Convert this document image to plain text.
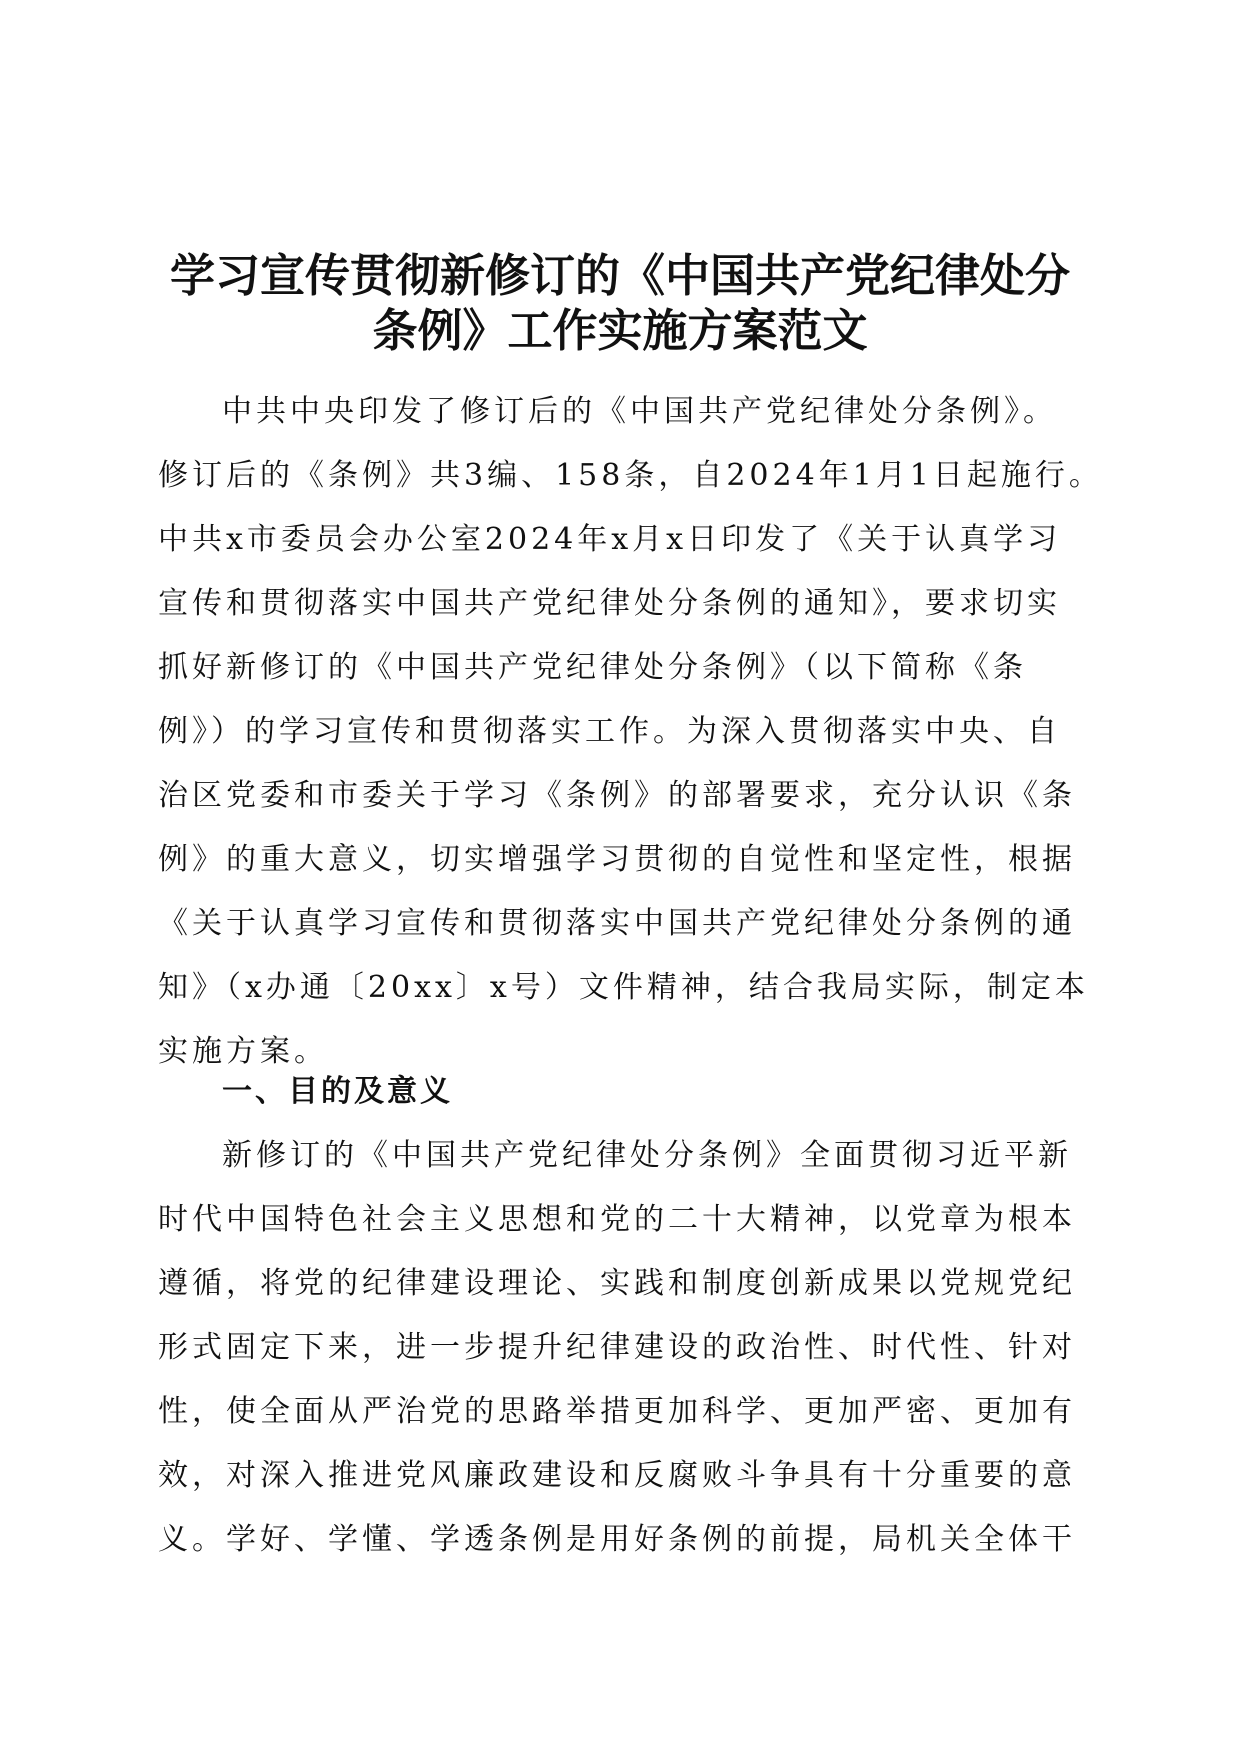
学习宣传贯彻新修订的《中国共产党纪律处分
条例》工作实施方案范文
中共中央印发了修订后的《中国共产党纪律处分条例》。
修订后的《条例》共3编、158条，自2024年1月1日起施行。
中共x市委员会办公室2024年x月x日印发了《关于认真学习
宣传和贯彻落实中国共产党纪律处分条例的通知》，要求切实
抓好新修订的《中国共产党纪律处分条例》（以下简称《条
例》）的学习宣传和贯彻落实工作。为深入贯彻落实中央、自
治区党委和市委关于学习《条例》的部署要求，充分认识《条
例》的重大意义，切实增强学习贯彻的自觉性和坚定性，根据
《关于认真学习宣传和贯彻落实中国共产党纪律处分条例的通
知》（x办通〔20xx〕x号）文件精神，结合我局实际，制定本
实施方案。
一、目的及意义
新修订的《中国共产党纪律处分条例》全面贯彻习近平新
时代中国特色社会主义思想和党的二十大精神，以党章为根本
遵循，将党的纪律建设理论、实践和制度创新成果以党规党纪
形式固定下来，进一步提升纪律建设的政治性、时代性、针对
性，使全面从严治党的思路举措更加科学、更加严密、更加有
效，对深入推进党风廉政建设和反腐败斗争具有十分重要的意
义。学好、学懂、学透条例是用好条例的前提，局机关全体干
